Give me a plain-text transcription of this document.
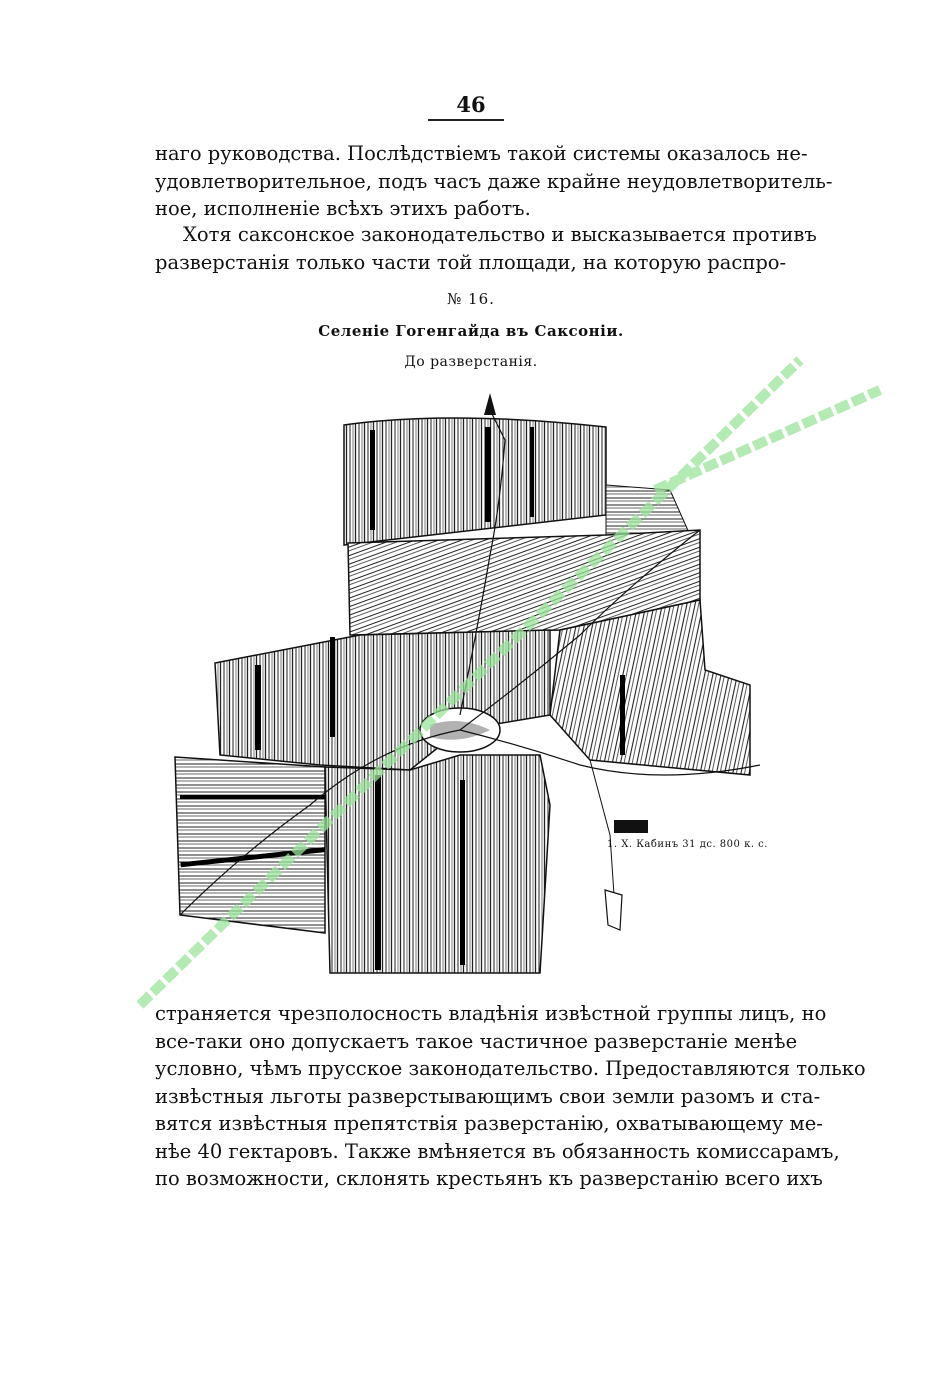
46
наго руководства. Послѣдствіемъ такой системы оказалось не-
удовлетворительное, подъ часъ даже крайне неудовлетворитель-
ное, исполненіе всѣхъ этихъ работъ.
Хотя саксонское законодательство и высказывается противъ
разверстанія только части той площади, на которую распро-
№ 16.
Селеніе Гогенгайда въ Саксоніи.
До разверстанія.
1. Х. Кабинъ 31 дс. 800 к. с.
страняется чрезполосность владѣнія извѣстной группы лицъ, но
все-таки оно допускаетъ такое частичное разверстаніе менѣе
условно, чѣмъ прусское законодательство. Предоставляются только
извѣстныя льготы разверстывающимъ свои земли разомъ и ста-
вятся извѣстныя препятствія разверстанію, охватывающему ме-
нѣе 40 гектаровъ. Также вмѣняется въ обязанность комиссарамъ,
по возможности, склонять крестьянъ къ разверстанію всего ихъ
